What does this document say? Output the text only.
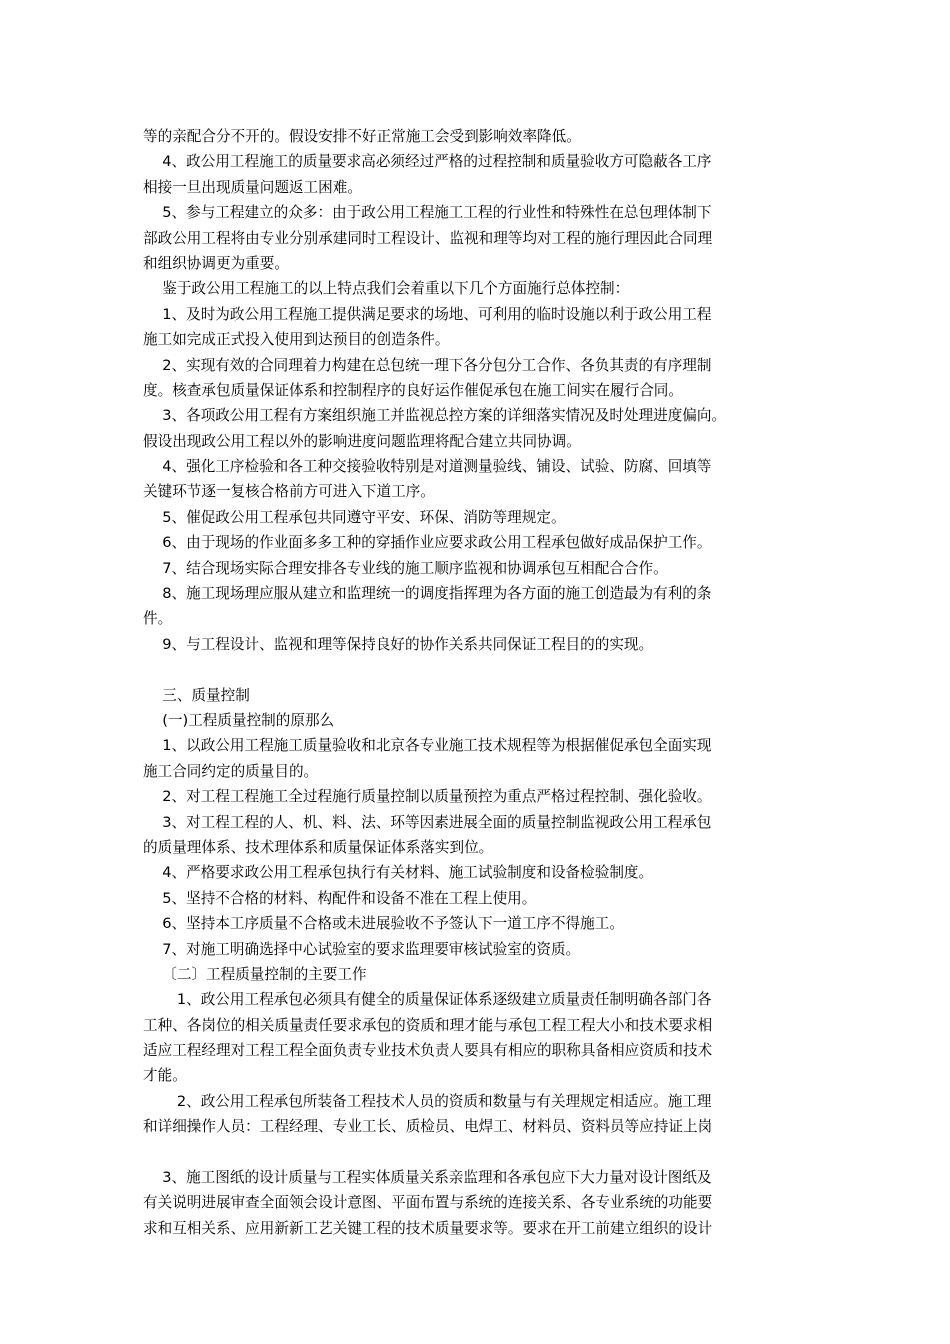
等的亲配合分不开的。假设安排不好正常施工会受到影响效率降低。
　 4、政公用工程施工的质量要求高必须经过严格的过程控制和质量验收方可隐蔽各工序
相接一旦出现质量问题返工困难。
　 5、参与工程建立的众多：由于政公用工程施工工程的行业性和特殊性在总包理体制下
部政公用工程将由专业分别承建同时工程设计、监视和理等均对工程的施行理因此合同理
和组织协调更为重要。
　 鉴于政公用工程施工的以上特点我们会着重以下几个方面施行总体控制：
　 1、及时为政公用工程施工提供满足要求的场地、可利用的临时设施以利于政公用工程
施工如完成正式投入使用到达预目的创造条件。
　 2、实现有效的合同理着力构建在总包统一理下各分包分工合作、各负其责的有序理制
度。核查承包质量保证体系和控制程序的良好运作催促承包在施工间实在履行合同。
　 3、各项政公用工程有方案组织施工并监视总控方案的详细落实情况及时处理进度偏向。
假设出现政公用工程以外的影响进度问题监理将配合建立共同协调。
　 4、强化工序检验和各工种交接验收特别是对道测量验线、铺设、试验、防腐、回填等
关键环节逐一复核合格前方可进入下道工序。
　 5、催促政公用工程承包共同遵守平安、环保、消防等理规定。
　 6、由于现场的作业面多多工种的穿插作业应要求政公用工程承包做好成品保护工作。
　 7、结合现场实际合理安排各专业线的施工顺序监视和协调承包互相配合合作。
　 8、施工现场理应服从建立和监理统一的调度指挥理为各方面的施工创造最为有利的条
件。
　 9、与工程设计、监视和理等保持良好的协作关系共同保证工程目的的实现。
　 三、质量控制
　 (一)工程质量控制的原那么
　 1、以政公用工程施工质量验收和北京各专业施工技术规程等为根据催促承包全面实现
施工合同约定的质量目的。
　 2、对工程工程施工全过程施行质量控制以质量预控为重点严格过程控制、强化验收。
　 3、对工程工程的人、机、料、法、环等因素进展全面的质量控制监视政公用工程承包
的质量理体系、技术理体系和质量保证体系落实到位。
　 4、严格要求政公用工程承包执行有关材料、施工试验制度和设备检验制度。
　 5、坚持不合格的材料、构配件和设备不准在工程上使用。
　 6、坚持本工序质量不合格或未进展验收不予签认下一道工序不得施工。
　 7、对施工明确选择中心试验室的要求监理要审核试验室的资质。
　 〔二〕工程质量控制的主要工作
　　 1、政公用工程承包必须具有健全的质量保证体系逐级建立质量责任制明确各部门各
工种、各岗位的相关质量责任要求承包的资质和理才能与承包工程工程大小和技术要求相
适应工程经理对工程工程全面负责专业技术负责人要具有相应的职称具备相应资质和技术
才能。
　　 2、政公用工程承包所装备工程技术人员的资质和数量与有关理规定相适应。施工理
和详细操作人员：工程经理、专业工长、质检员、电焊工、材料员、资料员等应持证上岗
　 3、施工图纸的设计质量与工程实体质量关系亲监理和各承包应下大力量对设计图纸及
有关说明进展审查全面领会设计意图、平面布置与系统的连接关系、各专业系统的功能要
求和互相关系、应用新新工艺关键工程的技术质量要求等。要求在开工前建立组织的设计
